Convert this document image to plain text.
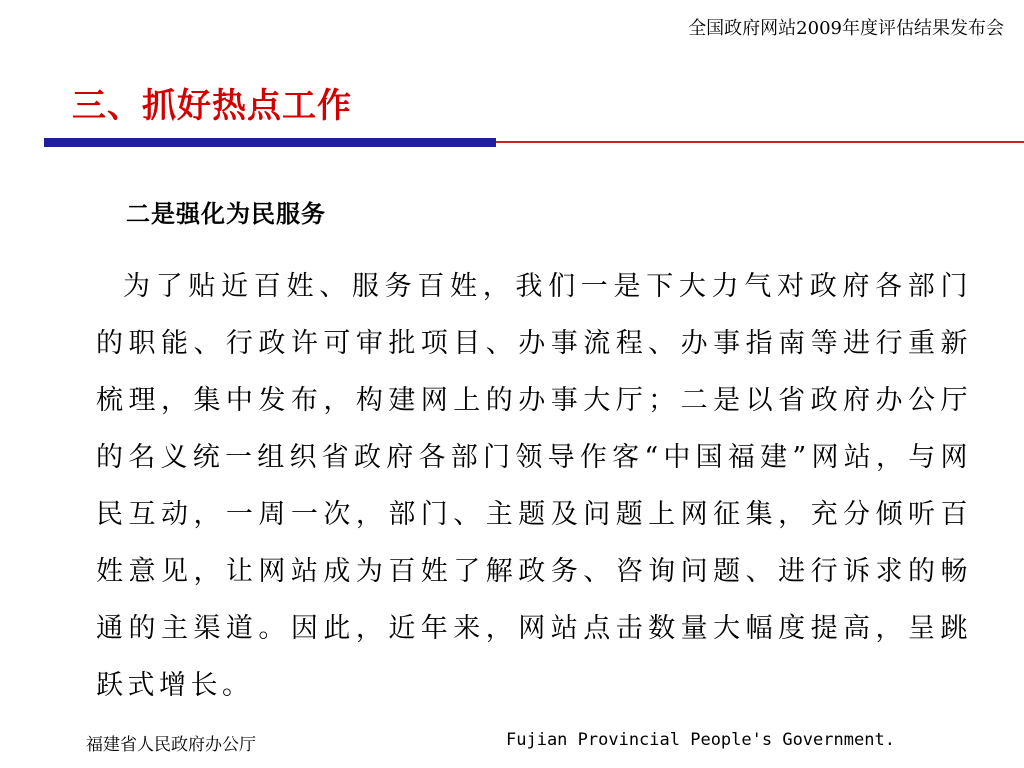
全国政府网站2009年度评估结果发布会
三、抓好热点工作
二是强化为民服务
为了贴近百姓、服务百姓，我们一是下大力气对政府各部门的职能、行政许可审批项目、办事流程、办事指南等进行重新梳理，集中发布，构建网上的办事大厅；二是以省政府办公厅的名义统一组织省政府各部门领导作客“中国福建”网站，与网民互动，一周一次，部门、主题及问题上网征集，充分倾听百姓意见，让网站成为百姓了解政务、咨询问题、进行诉求的畅通的主渠道。因此，近年来，网站点击数量大幅度提高，呈跳跃式增长。
福建省人民政府办公厅	Fujian Provincial People's Government.
